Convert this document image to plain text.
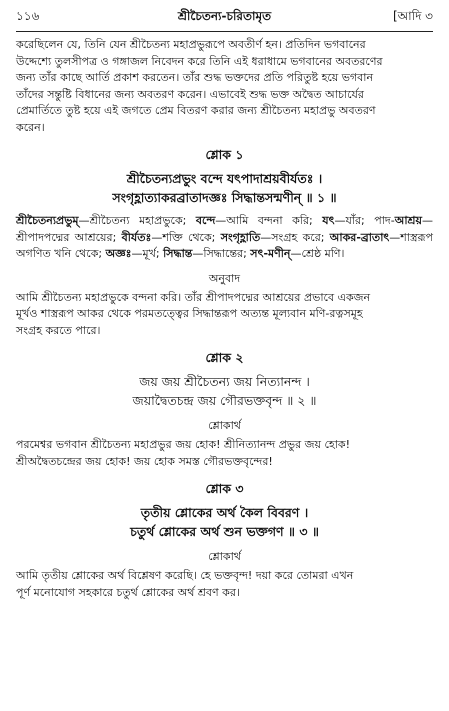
১১৬	শ্রীচৈতন্য-চরিতামৃত	[আদি ৩
করেছিলেন যে, তিনি যেন শ্রীচৈতন্য মহাপ্রভুরূপে অবতীর্ণ হন। প্রতিদিন ভগবানের
উদ্দেশ্যে তুলসীপত্র ও গঙ্গাজল নিবেদন করে তিনি এই ধরাধামে ভগবানের অবতরণের
জন্য তাঁর কাছে আর্তি প্রকাশ করতেন। তাঁর শুদ্ধ ভক্তদের প্রতি পরিতুষ্ট হয়ে ভগবান
তাঁদের সন্তুষ্টি বিধানের জন্য অবতরণ করেন। এভাবেই শুদ্ধ ভক্ত অদ্বৈত আচার্যের
প্রেমার্তিতে তুষ্ট হয়ে এই জগতে প্রেম বিতরণ করার জন্য শ্রীচৈতন্য মহাপ্রভু অবতরণ
করেন।
শ্লোক ১
শ্রীচৈতন্যপ্রভুং বন্দে যৎপাদাশ্রয়বীর্যতঃ ।
সংগৃহ্ণাত্যাকরব্রাতাদজ্ঞঃ সিদ্ধান্তসন্মণীন্ ॥ ১ ॥
শ্রীচৈতন্যপ্রভুম্—শ্রীচৈতন্য মহাপ্রভুকে; বন্দে—আমি বন্দনা করি; যৎ—যাঁর; পাদ-আশ্রয়—শ্রীপাদপদ্মের আশ্রয়ের; বীর্যতঃ—শক্তি থেকে; সংগৃহ্ণাতি—সংগ্রহ করে; আকর-ব্রাতাৎ—শাস্ত্ররূপ অগণিত খনি থেকে; অজ্ঞঃ—মূর্খ; সিদ্ধান্ত—সিদ্ধান্তের; সৎ-মণীন্—শ্রেষ্ঠ মণি।
অনুবাদ
আমি শ্রীচৈতন্য মহাপ্রভুকে বন্দনা করি। তাঁর শ্রীপাদপদ্মের আশ্রয়ের প্রভাবে একজন
মূর্খও শাস্ত্ররূপ আকর থেকে পরমতত্ত্বের সিদ্ধান্তরূপ অত্যন্ত মূল্যবান মণি-রত্নসমূহ
সংগ্রহ করতে পারে।
শ্লোক ২
জয় জয় শ্রীচৈতন্য জয় নিত্যানন্দ ।
জয়াদ্বৈতচন্দ্র জয় গৌরভক্তবৃন্দ ॥ ২ ॥
শ্লোকার্থ
পরমেশ্বর ভগবান শ্রীচৈতন্য মহাপ্রভুর জয় হোক! শ্রীনিত্যানন্দ প্রভুর জয় হোক!
শ্রীঅদ্বৈতচন্দ্রের জয় হোক! জয় হোক সমস্ত গৌরভক্তবৃন্দের!
শ্লোক ৩
তৃতীয় শ্লোকের অর্থ কৈল বিবরণ ।
চতুর্থ শ্লোকের অর্থ শুন ভক্তগণ ॥ ৩ ॥
শ্লোকার্থ
আমি তৃতীয় শ্লোকের অর্থ বিশ্লেষণ করেছি। হে ভক্তবৃন্দ! দয়া করে তোমরা এখন
পূর্ণ মনোযোগ সহকারে চতুর্থ শ্লোকের অর্থ শ্রবণ কর।
